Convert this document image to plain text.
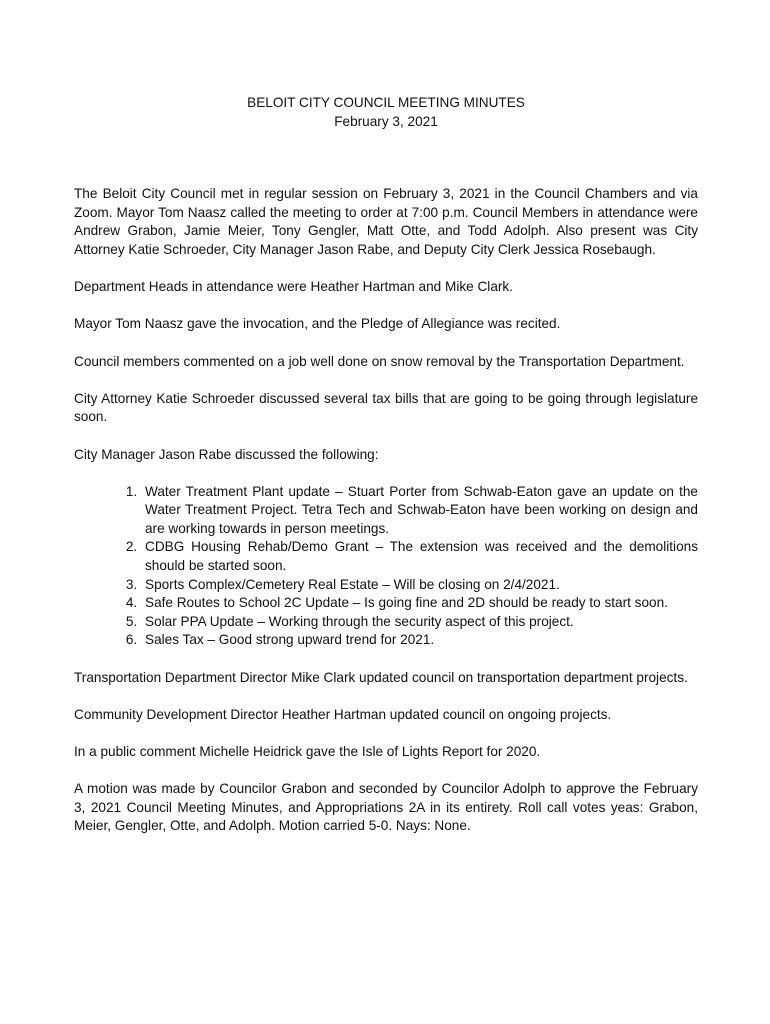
BELOIT CITY COUNCIL MEETING MINUTES

February 3, 2021

The Beloit City Council met in regular session on February 3, 2021 in the Council Chambers and via Zoom. Mayor Tom Naasz called the meeting to order at 7:00 p.m. Council Members in attendance were Andrew Grabon, Jamie Meier, Tony Gengler, Matt Otte, and Todd Adolph. Also present was City Attorney Katie Schroeder, City Manager Jason Rabe, and Deputy City Clerk Jessica Rosebaugh.

Department Heads in attendance were Heather Hartman and Mike Clark.

Mayor Tom Naasz gave the invocation, and the Pledge of Allegiance was recited.

Council members commented on a job well done on snow removal by the Transportation Department.

City Attorney Katie Schroeder discussed several tax bills that are going to be going through legislature soon.

City Manager Jason Rabe discussed the following:

1. Water Treatment Plant update – Stuart Porter from Schwab-Eaton gave an update on the Water Treatment Project. Tetra Tech and Schwab-Eaton have been working on design and are working towards in person meetings.
2. CDBG Housing Rehab/Demo Grant – The extension was received and the demolitions should be started soon.
3. Sports Complex/Cemetery Real Estate – Will be closing on 2/4/2021.
4. Safe Routes to School 2C Update – Is going fine and 2D should be ready to start soon.
5. Solar PPA Update – Working through the security aspect of this project.
6. Sales Tax – Good strong upward trend for 2021.

Transportation Department Director Mike Clark updated council on transportation department projects.

Community Development Director Heather Hartman updated council on ongoing projects.

In a public comment Michelle Heidrick gave the Isle of Lights Report for 2020.

A motion was made by Councilor Grabon and seconded by Councilor Adolph to approve the February 3, 2021 Council Meeting Minutes, and Appropriations 2A in its entirety. Roll call votes yeas: Grabon, Meier, Gengler, Otte, and Adolph. Motion carried 5-0. Nays: None.
